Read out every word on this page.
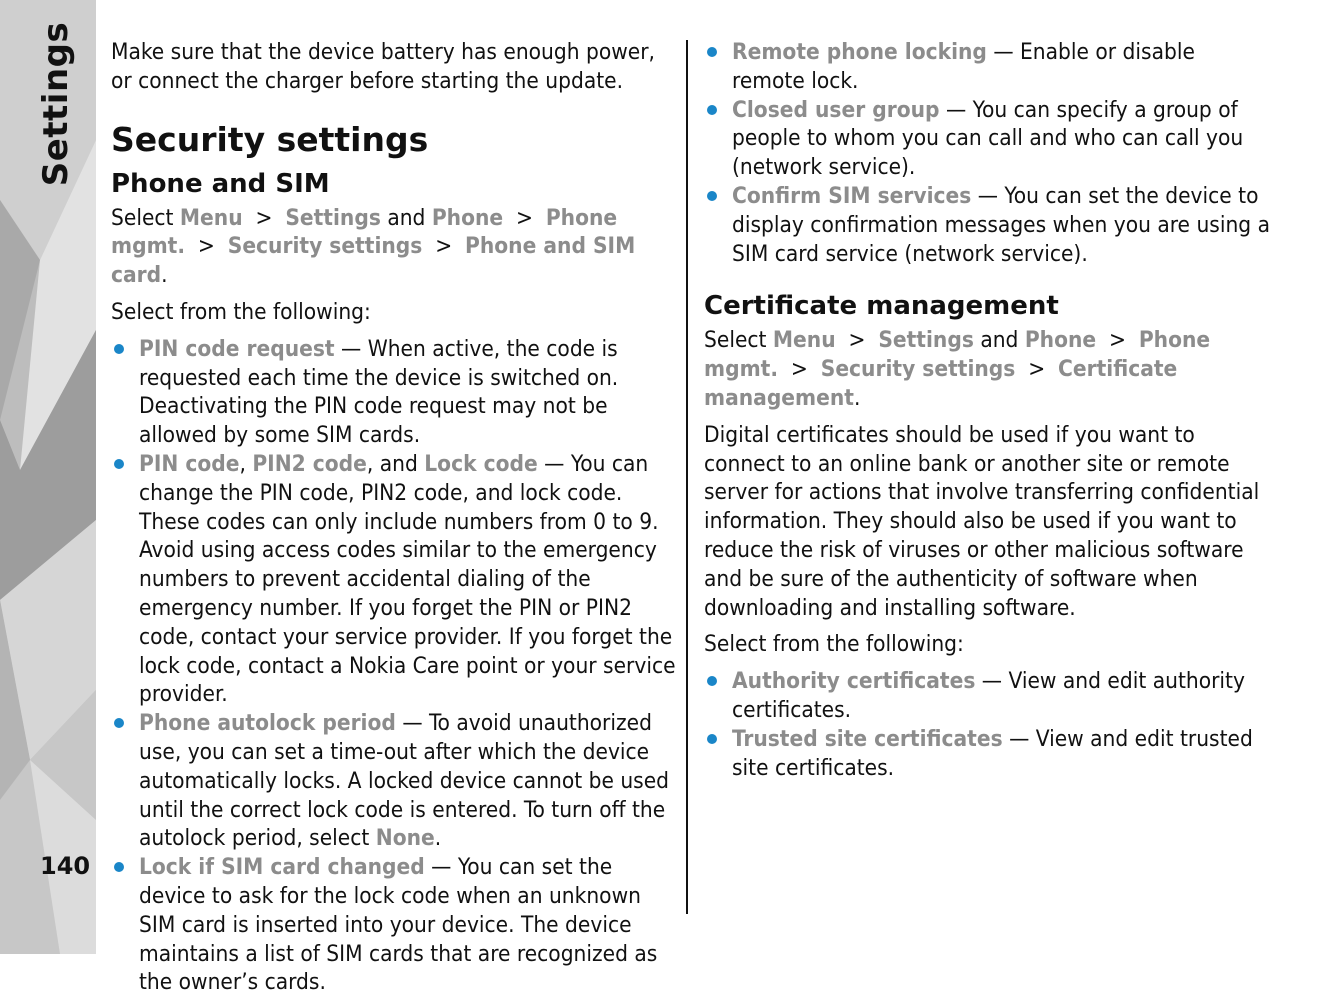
Settings
140

Make sure that the device battery has enough power, or connect the charger before starting the update.

Security settings
Phone and SIM

Select Menu > Settings and Phone > Phone mgmt. > Security settings > Phone and SIM card.

Select from the following:

PIN code request — When active, the code is requested each time the device is switched on. Deactivating the PIN code request may not be allowed by some SIM cards.
PIN code, PIN2 code, and Lock code — You can change the PIN code, PIN2 code, and lock code. These codes can only include numbers from 0 to 9. Avoid using access codes similar to the emergency numbers to prevent accidental dialing of the emergency number. If you forget the PIN or PIN2 code, contact your service provider. If you forget the lock code, contact a Nokia Care point or your service provider.
Phone autolock period — To avoid unauthorized use, you can set a time-out after which the device automatically locks. A locked device cannot be used until the correct lock code is entered. To turn off the autolock period, select None.
Lock if SIM card changed — You can set the device to ask for the lock code when an unknown SIM card is inserted into your device. The device maintains a list of SIM cards that are recognized as the owner’s cards.
Remote phone locking — Enable or disable remote lock.
Closed user group — You can specify a group of people to whom you can call and who can call you (network service).
Confirm SIM services — You can set the device to display confirmation messages when you are using a SIM card service (network service).
Certificate management

Select Menu > Settings and Phone > Phone mgmt. > Security settings > Certificate management.

Digital certificates should be used if you want to connect to an online bank or another site or remote server for actions that involve transferring confidential information. They should also be used if you want to reduce the risk of viruses or other malicious software and be sure of the authenticity of software when downloading and installing software.

Select from the following:

Authority certificates — View and edit authority certificates.
Trusted site certificates — View and edit trusted site certificates.
